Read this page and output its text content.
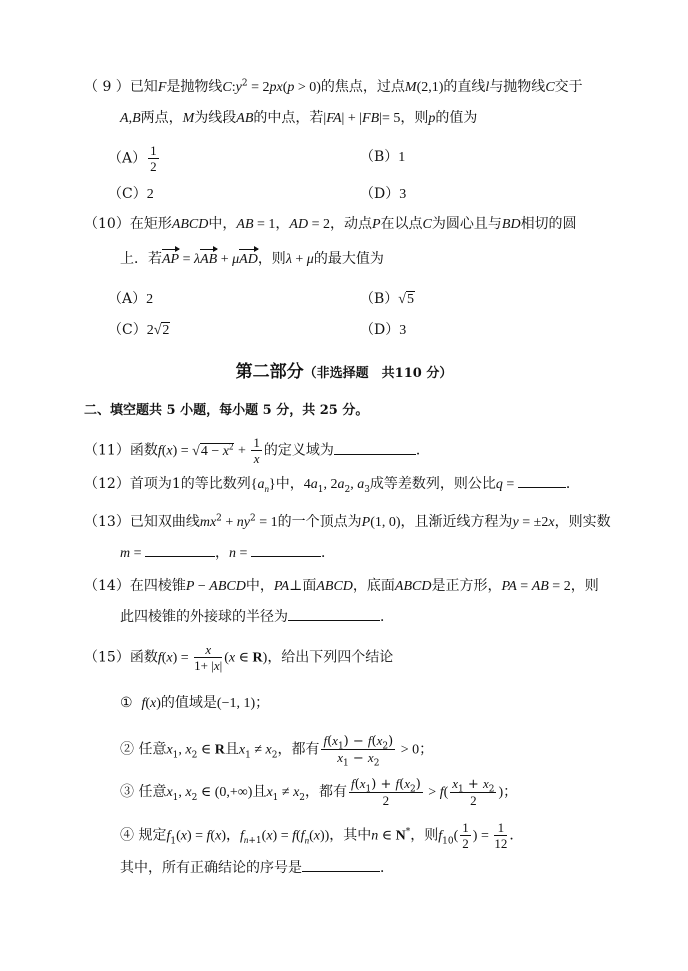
（ 9 ）已知F是抛物线$C:y^2 = 2px(p > 0)$的焦点，过点M(2,1)的直线l与抛物线C交于
A,B两点，M为线段AB的中点，若|FA| + |FB|= 5，则p的值为
$(A) \frac{1}{2}$	（B）1
（C）2	（D）3
（10）在矩形ABCD中，AB = 1，AD = 2，动点P在以点C为圆心且与BD相切的圆
上．若AP = λAB + μAD，则λ + μ的最大值为
（A）2	（B）√5
（C）2√2	（D）3
第二部分（非选择题　共110 分）
二、填空题共 5 小题，每小题 5 分，共 25 分。
（11）函数$f(x) = √4 - x^2 + \frac{1}{x}$ 的定义域为	．
（12）首项为1的等比数列$\{a_n\}$中，$4a_1$, $2a_2$, $a_3$成等差数列，则公比q =	．
（13）已知双曲线$mx^2 + ny^2 = 1$的一个顶点为P(1, 0)，且渐近线方程为y = ±2x，则实数
m =	，n =	．
（14）在四棱锥P − ABCD中，PA⊥面ABCD，底面ABCD是正方形，PA = AB = 2，则
此四棱锥的外接球的半径为	．
（15）函数$f(x) = \frac{x}{1+ |x|} (x$ ∈ R)，给出下列四个结论
① f(x)的值域是(−1, 1)；
② 任意$x_1$, $x_2$ ∈ R且$x_1 \ne x_2$，都有 $\frac{f(x_1) - f(x_2)}{x_1 - x_2} > 0$；
③ 任意$x_1$, $x_2$ ∈ (0,+∞)且$x_1 \ne x_2$，都有 $\frac{f(x_1) + f(x_2)}{2} > f( \frac{x_1 + x_2}{2}$ )；
④ 规定$f_1(x) = f(x)$，$f_{n+1}(x) = f(f_n(x))$，其中n ∈ N*，则$f_{10}( \frac{1}{2}$ ) = $\frac{1}{12}$ ．
其中，所有正确结论的序号是	．
